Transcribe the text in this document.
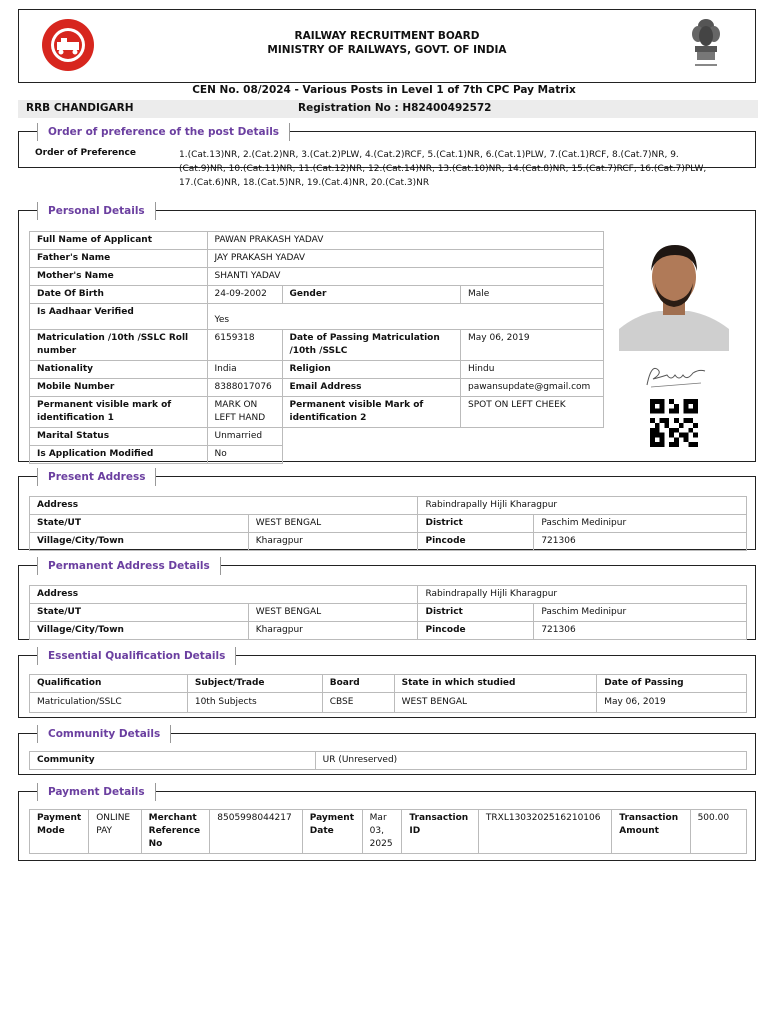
RAILWAY RECRUITMENT BOARD
MINISTRY OF RAILWAYS, GOVT. OF INDIA
CEN No. 08/2024 - Various Posts in Level 1 of 7th CPC Pay Matrix
RRB CHANDIGARH	Registration No : H82400492572
Order of preference of the post Details
Order of Preference	1.(Cat.13)NR, 2.(Cat.2)NR, 3.(Cat.2)PLW, 4.(Cat.2)RCF, 5.(Cat.1)NR, 6.(Cat.1)PLW, 7.(Cat.1)RCF, 8.(Cat.7)NR, 9.
(Cat.9)NR, 10.(Cat.11)NR, 11.(Cat.12)NR, 12.(Cat.14)NR, 13.(Cat.10)NR, 14.(Cat.8)NR, 15.(Cat.7)RCF, 16.(Cat.7)PLW,
17.(Cat.6)NR, 18.(Cat.5)NR, 19.(Cat.4)NR, 20.(Cat.3)NR
Personal Details
Full Name of Applicant	PAWAN PRAKASH YADAV		
Father's Name	JAY PRAKASH YADAV		
Mother's Name	SHANTI YADAV		
Date Of Birth	24-09-2002	Gender	Male
Is Aadhaar Verified	Yes		
Matriculation /10th /SSLC Roll number	6159318	Date of Passing Matriculation /10th /SSLC	May 06, 2019
Nationality	India	Religion	Hindu
Mobile Number	8388017076	Email Address	pawansupdate@gmail.com
Permanent visible mark of identification 1	MARK ON LEFT HAND	Permanent visible Mark of identification 2	SPOT ON LEFT CHEEK
Marital Status	Unmarried		
Is Application Modified	No		
Present Address
Address		Rabindrapally Hijli Kharagpur	
State/UT	WEST BENGAL	District	Paschim Medinipur
Village/City/Town	Kharagpur	Pincode	721306
Permanent Address Details
Address		Rabindrapally Hijli Kharagpur	
State/UT	WEST BENGAL	District	Paschim Medinipur
Village/City/Town	Kharagpur	Pincode	721306
Essential Qualification Details
Qualification	Subject/Trade	Board	State in which studied	Date of Passing
Matriculation/SSLC	10th Subjects	CBSE	WEST BENGAL	May 06, 2019
Community Details
Community	UR (Unreserved)
Payment Details
Payment Mode	ONLINE PAY	Merchant Reference No	8505998044217	Payment Date	Mar 03, 2025	Transaction ID	TRXL1303202516210106	Transaction Amount	500.00
